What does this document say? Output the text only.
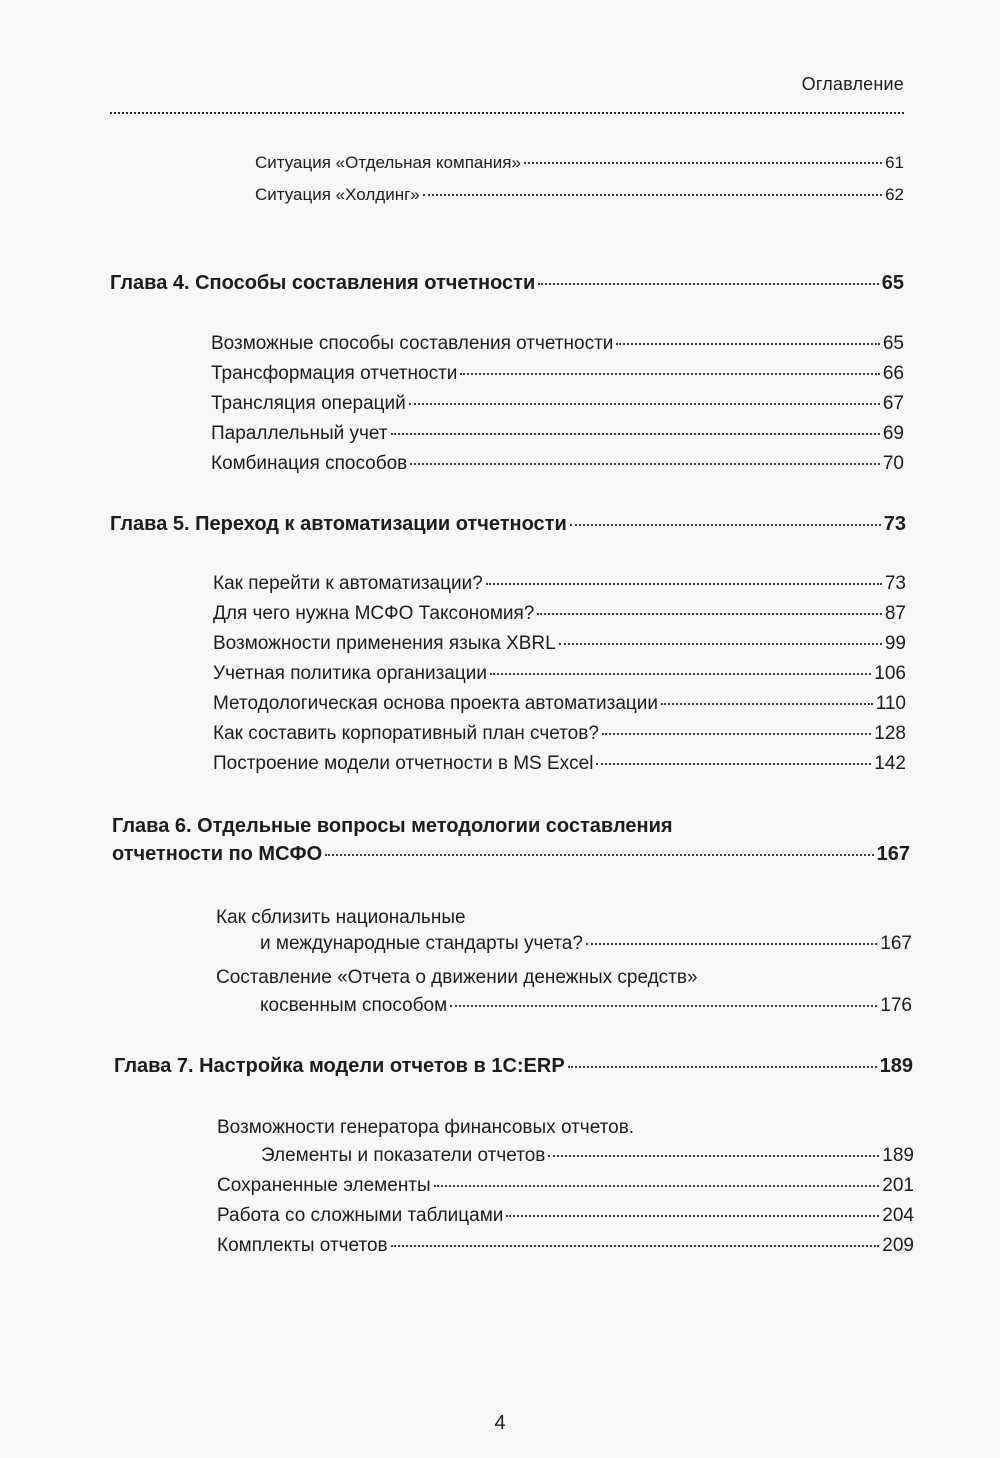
Оглавление
Ситуация «Отдельная компания»	61
Ситуация «Холдинг»	62
Глава 4. Способы составления отчетности	65
Возможные способы составления отчетности	65
Трансформация отчетности	66
Трансляция операций	67
Параллельный учет	69
Комбинация способов	70
Глава 5. Переход к автоматизации отчетности	73
Как перейти к автоматизации?	73
Для чего нужна МСФО Таксономия?	87
Возможности применения языка XBRL	99
Учетная политика организации	106
Методологическая основа проекта автоматизации	110
Как составить корпоративный план счетов?	128
Построение модели отчетности в MS Excel	142
Глава 6. Отдельные вопросы методологии составления
отчетности по МСФО	167
Как сблизить национальные
и международные стандарты учета?	167
Составление «Отчета о движении денежных средств»
косвенным способом	176
Глава 7. Настройка модели отчетов в 1С:ERP	189
Возможности генератора финансовых отчетов.
Элементы и показатели отчетов	189
Сохраненные элементы	201
Работа со сложными таблицами	204
Комплекты отчетов	209
4
